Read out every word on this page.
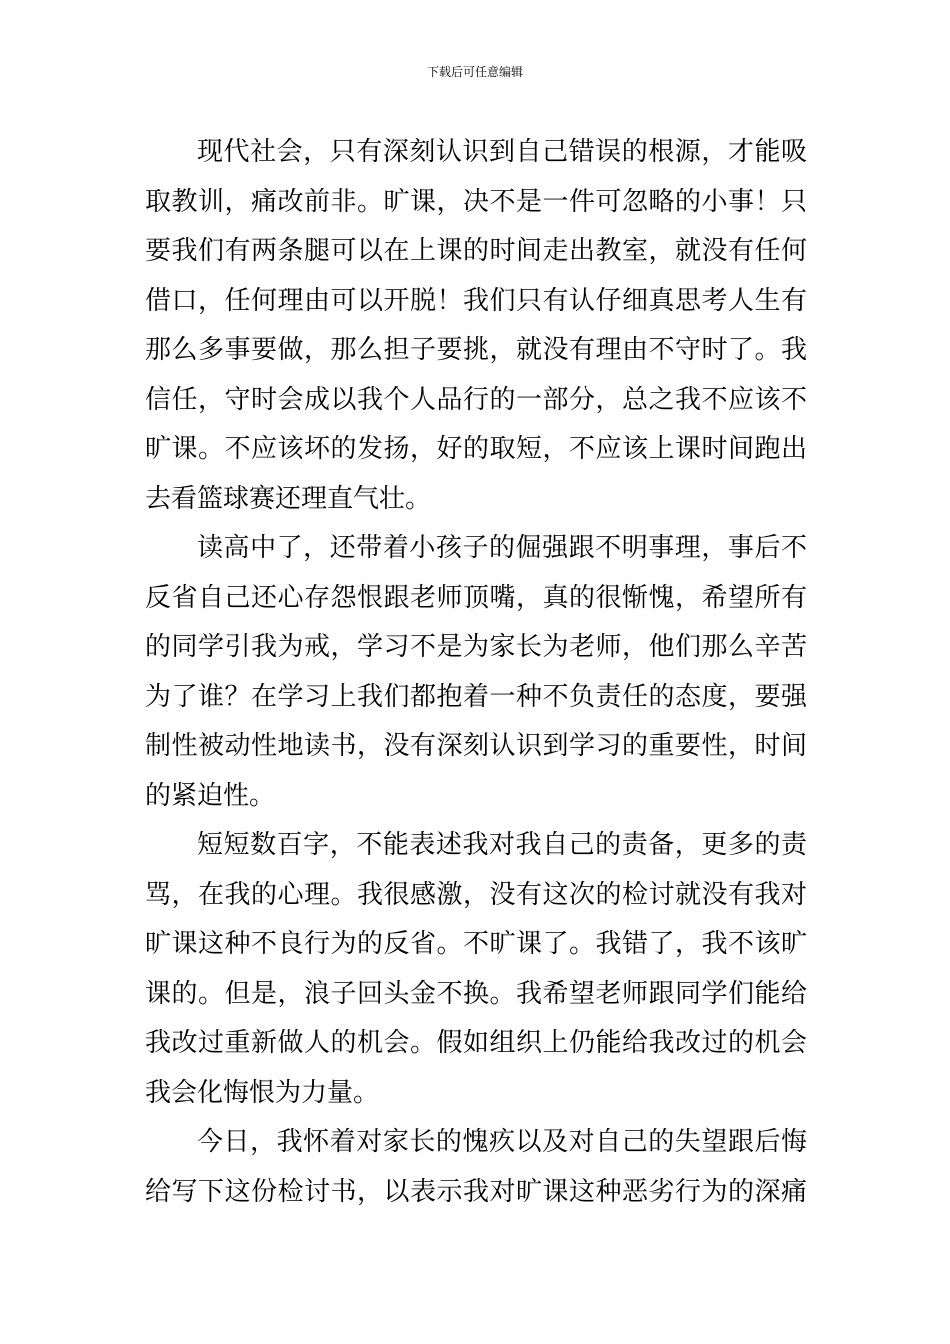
下载后可任意编辑
现代社会，只有深刻认识到自己错误的根源，才能吸
取教训，痛改前非。旷课，决不是一件可忽略的小事！只
要我们有两条腿可以在上课的时间走出教室，就没有任何
借口，任何理由可以开脱！我们只有认仔细真思考人生有
那么多事要做，那么担子要挑，就没有理由不守时了。我
信任，守时会成以我个人品行的一部分，总之我不应该不
旷课。不应该坏的发扬，好的取短，不应该上课时间跑出
去看篮球赛还理直气壮。
读高中了，还带着小孩子的倔强跟不明事理，事后不
反省自己还心存怨恨跟老师顶嘴，真的很惭愧，希望所有
的同学引我为戒，学习不是为家长为老师，他们那么辛苦
为了谁？在学习上我们都抱着一种不负责任的态度，要强
制性被动性地读书，没有深刻认识到学习的重要性，时间
的紧迫性。
短短数百字，不能表述我对我自己的责备，更多的责
骂，在我的心理。我很感激，没有这次的检讨就没有我对
旷课这种不良行为的反省。不旷课了。我错了，我不该旷
课的。但是，浪子回头金不换。我希望老师跟同学们能给
我改过重新做人的机会。假如组织上仍能给我改过的机会
我会化悔恨为力量。
今日，我怀着对家长的愧疚以及对自己的失望跟后悔
给写下这份检讨书，以表示我对旷课这种恶劣行为的深痛
